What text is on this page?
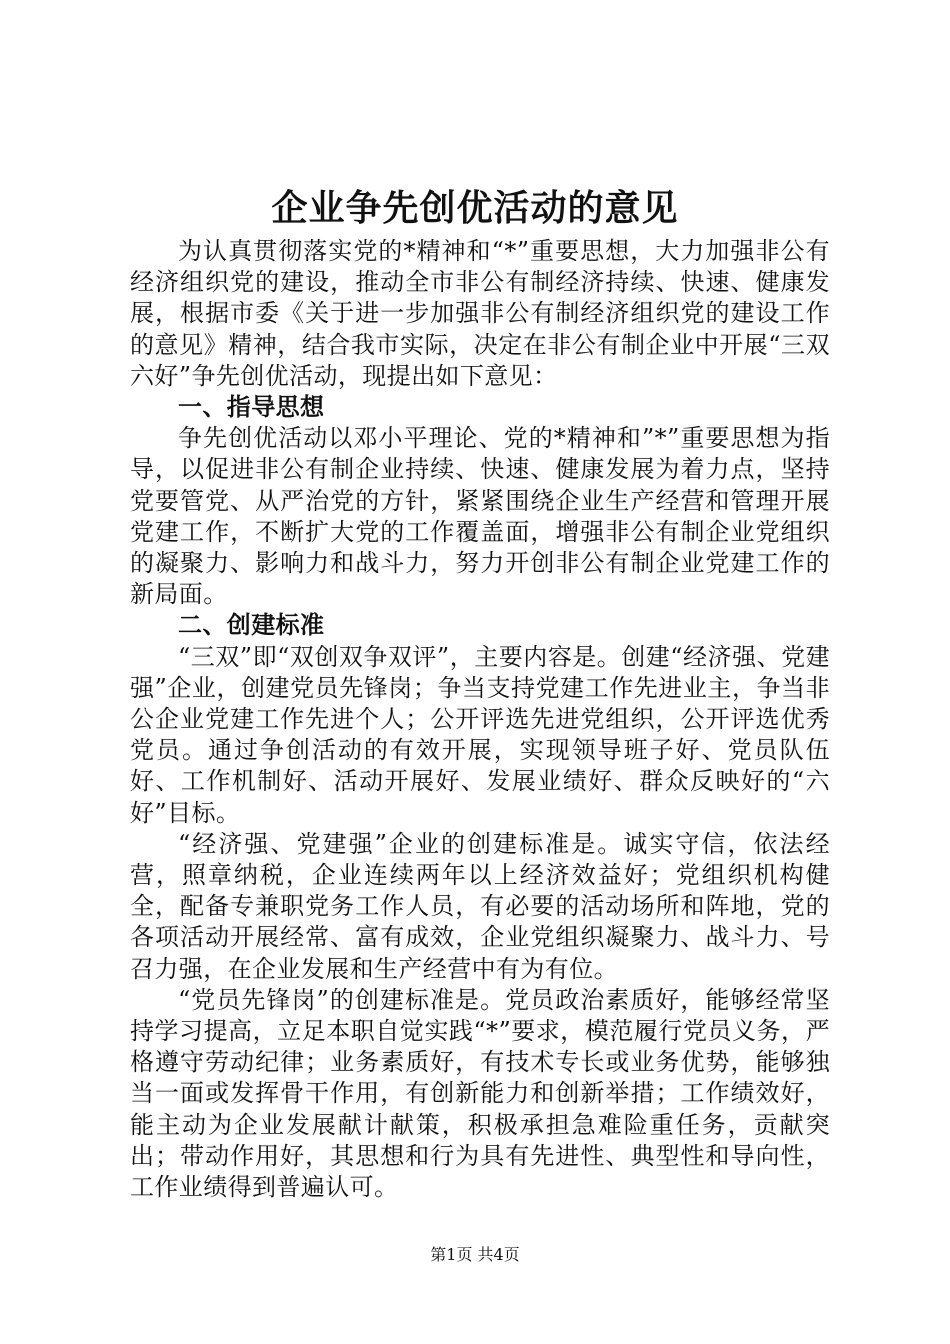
企业争先创优活动的意见

为认真贯彻落实党的*精神和“*”重要思想，大力加强非公有经济组织党的建设，推动全市非公有制经济持续、快速、健康发展，根据市委《关于进一步加强非公有制经济组织党的建设工作的意见》精神，结合我市实际，决定在非公有制企业中开展“三双六好”争先创优活动，现提出如下意见：

一、指导思想

争先创优活动以邓小平理论、党的*精神和”*”重要思想为指导，以促进非公有制企业持续、快速、健康发展为着力点，坚持党要管党、从严治党的方针，紧紧围绕企业生产经营和管理开展党建工作，不断扩大党的工作覆盖面，增强非公有制企业党组织的凝聚力、影响力和战斗力，努力开创非公有制企业党建工作的新局面。

二、创建标准

“三双”即“双创双争双评”，主要内容是。创建“经济强、党建强”企业，创建党员先锋岗；争当支持党建工作先进业主，争当非公企业党建工作先进个人；公开评选先进党组织，公开评选优秀党员。通过争创活动的有效开展，实现领导班子好、党员队伍好、工作机制好、活动开展好、发展业绩好、群众反映好的“六好”目标。

“经济强、党建强”企业的创建标准是。诚实守信，依法经营，照章纳税，企业连续两年以上经济效益好；党组织机构健全，配备专兼职党务工作人员，有必要的活动场所和阵地，党的各项活动开展经常、富有成效，企业党组织凝聚力、战斗力、号召力强，在企业发展和生产经营中有为有位。

“党员先锋岗”的创建标准是。党员政治素质好，能够经常坚持学习提高，立足本职自觉实践“*”要求，模范履行党员义务，严格遵守劳动纪律；业务素质好，有技术专长或业务优势，能够独当一面或发挥骨干作用，有创新能力和创新举措；工作绩效好，能主动为企业发展献计献策，积极承担急难险重任务，贡献突出；带动作用好，其思想和行为具有先进性、典型性和导向性，工作业绩得到普遍认可。

第1页 共4页
